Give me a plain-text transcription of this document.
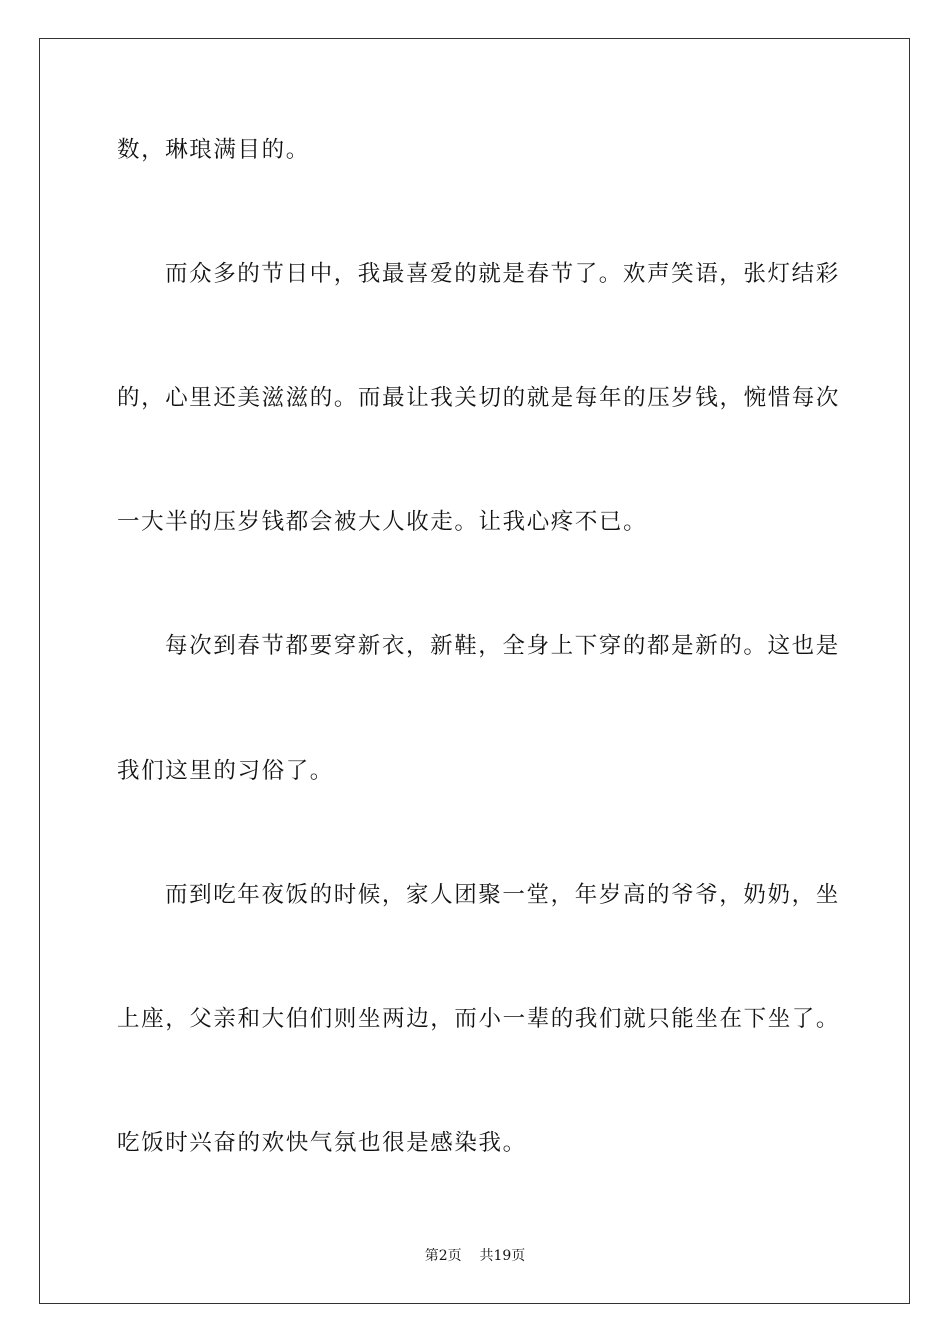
数，琳琅满目的。

而众多的节日中，我最喜爱的就是春节了。欢声笑语，张灯结彩

的，心里还美滋滋的。而最让我关切的就是每年的压岁钱，惋惜每次

一大半的压岁钱都会被大人收走。让我心疼不已。

每次到春节都要穿新衣，新鞋，全身上下穿的都是新的。这也是

我们这里的习俗了。

而到吃年夜饭的时候，家人团聚一堂，年岁高的爷爷，奶奶，坐

上座，父亲和大伯们则坐两边，而小一辈的我们就只能坐在下坐了。

吃饭时兴奋的欢快气氛也很是感染我。

第2页 共19页
